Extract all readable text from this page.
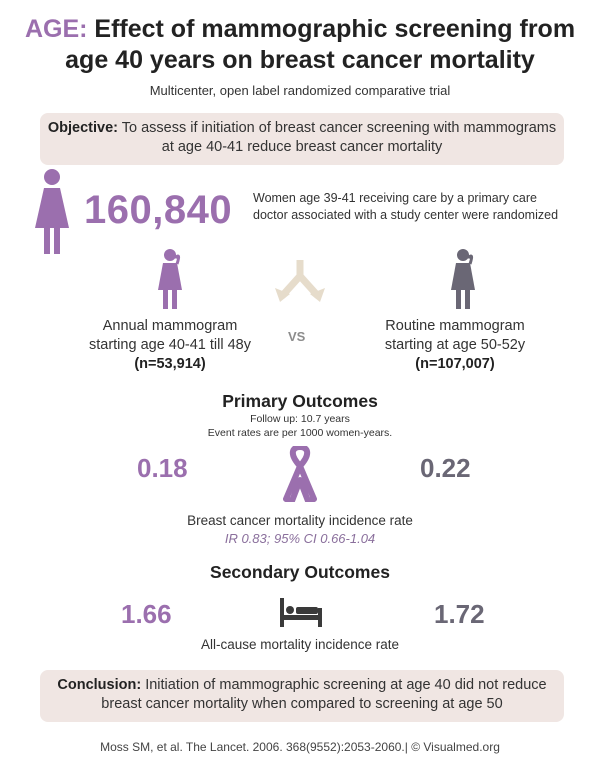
AGE: Effect of mammographic screening from age 40 years on breast cancer mortality
Multicenter, open label randomized comparative trial
Objective: To assess if initiation of breast cancer screening with mammograms at age 40-41 reduce breast cancer mortality
160,840 Women age 39-41 receiving care by a primary care doctor associated with a study center were randomized
Annual mammogram
starting age 40-41 till 48y
(n=53,914)
VS
Routine mammogram
starting at age 50-52y
(n=107,007)
Primary Outcomes
Follow up: 10.7 years
Event rates are per 1000 women-years.
0.18	0.22
Breast cancer mortality incidence rate
IR 0.83; 95% CI 0.66-1.04
Secondary Outcomes
1.66	1.72
All-cause mortality incidence rate
Conclusion: Initiation of mammographic screening at age 40 did not reduce breast cancer mortality when compared to screening at age 50
Moss SM, et al. The Lancet. 2006. 368(9552):2053-2060.| © Visualmed.org
